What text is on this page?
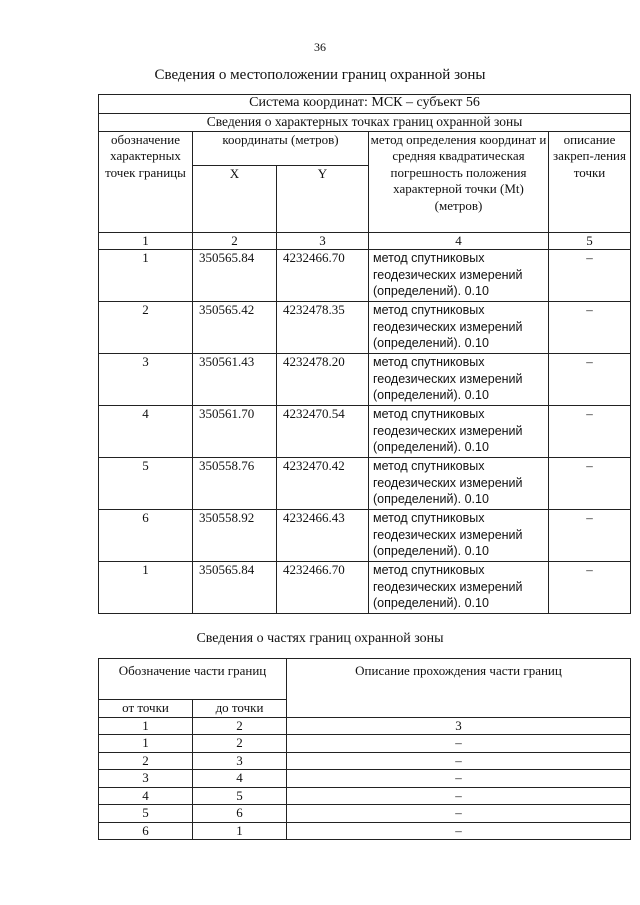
36
Сведения о местоположении границ охранной зоны
Система координат: МСК – субъект 56				
Сведения о характерных точках границ охранной зоны				
обозначение характерных точек границы	координаты (метров)		метод определения координат и средняя квадратическая погрешность положения характерной точки (Mt) (метров)	описание закреп-ления точки
	X	Y		
1	2	3	4	5
1	350565.84	4232466.70	метод спутниковых геодезических измерений (определений). 0.10	–
2	350565.42	4232478.35	метод спутниковых геодезических измерений (определений). 0.10	–
3	350561.43	4232478.20	метод спутниковых геодезических измерений (определений). 0.10	–
4	350561.70	4232470.54	метод спутниковых геодезических измерений (определений). 0.10	–
5	350558.76	4232470.42	метод спутниковых геодезических измерений (определений). 0.10	–
6	350558.92	4232466.43	метод спутниковых геодезических измерений (определений). 0.10	–
1	350565.84	4232466.70	метод спутниковых геодезических измерений (определений). 0.10	–
Сведения о частях границ охранной зоны
Обозначение части границ		Описание прохождения части границ
от точки	до точки	
1	2	3
1	2	–
2	3	–
3	4	–
4	5	–
5	6	–
6	1	–
